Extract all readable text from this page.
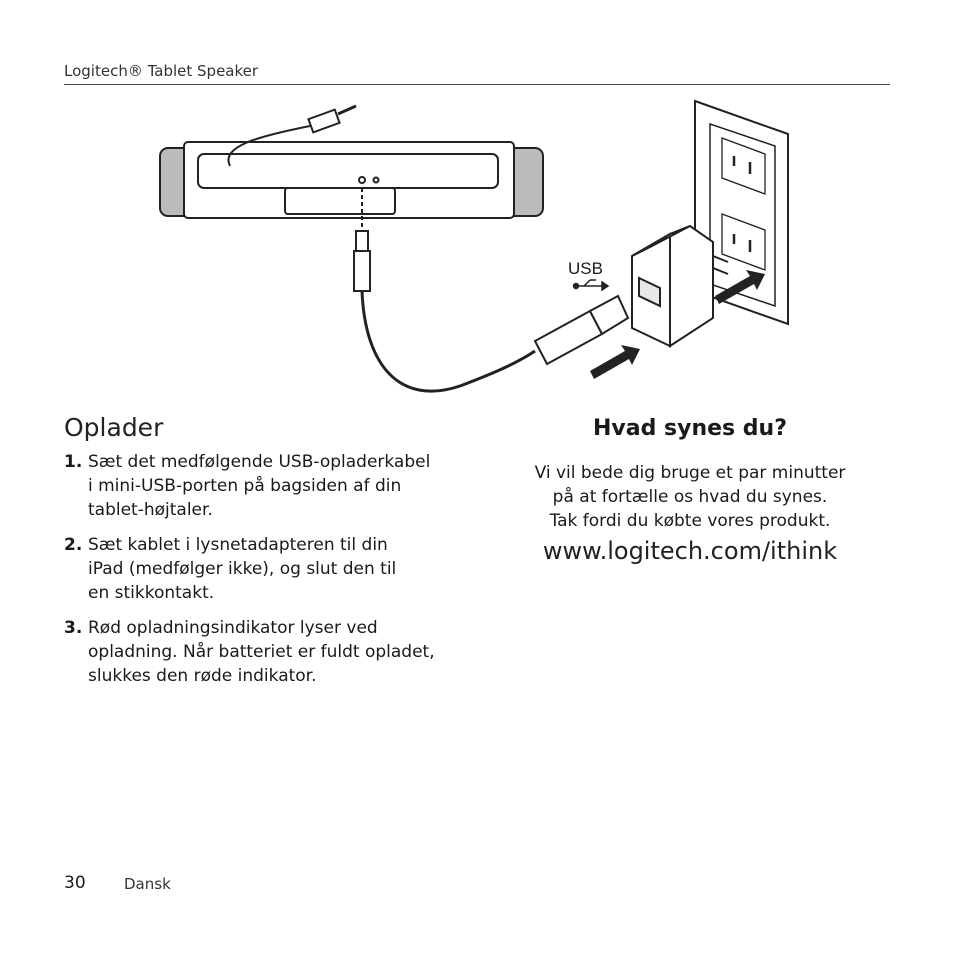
Logitech® Tablet Speaker
USB
Oplader
1. Sæt det medfølgende USB-opladerkabel
i mini-USB-porten på bagsiden af din
tablet-højtaler.
2. Sæt kablet i lysnetadapteren til din
iPad (medfølger ikke), og slut den til
en stikkontakt.
3. Rød opladningsindikator lyser ved
opladning. Når batteriet er fuldt opladet,
slukkes den røde indikator.
Hvad synes du?

Vi vil bede dig bruge et par minutter
på at fortælle os hvad du synes.
Tak fordi du købte vores produkt.

www.logitech.com/ithink
30	Dansk
